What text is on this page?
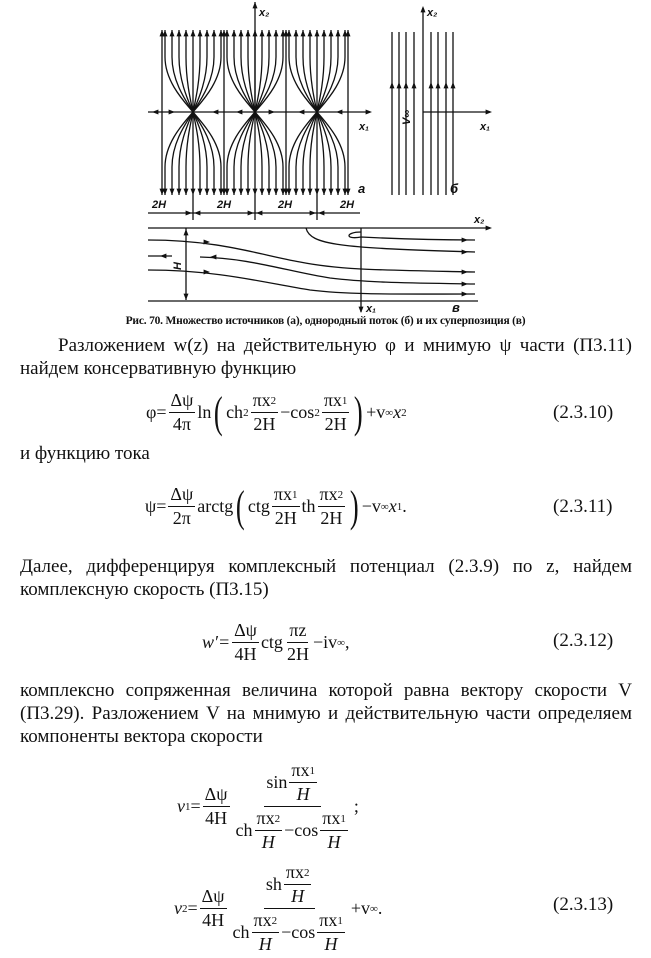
x₂
x₁
x₂
x₁
V∞
x₂
x₁
H
2H	2H	2H	2H
а	б
в
Рис. 70. Множество источников (а), однородный поток (б) и их суперпозиция (в)
Разложением w(z) на действительную φ и мнимую ψ части (П3.11) найдем консервативную функцию
$\varphi= \frac{\Delta\psi}{4\pi}$ ln ( ch $2 \frac{\pi x 2}{2H} -\cos$ $2 \frac{\pi x 1}{2H}$ ) +v ∞ x 2	(2.3.10)
и функцию тока
$\psi= \frac{\Delta\psi}{2\pi}$ arctg ( ctg $\frac{\pi x 1}{2H}$ th $\frac{\pi x 2}{2H}$ ) −v ∞ x 1 .	(2.3.11)
Далее, дифференцируя комплексный потенциал (2.3.9) по z, найдем комплексную скорость (П3.15)
$w'= \frac{\Delta\psi}{4H}$ ctg $\frac{\pi z}{2H} -iv$ ∞ ,	(2.3.12)
комплексно сопряженная величина которой равна вектору скорости V (П3.29). Разложением V на мнимую и действительную части определяем компоненты вектора скорости
v $1 = \frac{\Delta\psi}{4H} \frac{\sin \frac{\pi x 1}{H}}{ch \frac{\pi x 2}{H} -\cos \frac{\pi x 1}{H}}$ ;
v $2 = \frac{\Delta\psi}{4H} \frac{sh \frac{\pi x 2}{H}}{ch \frac{\pi x 2}{H} -\cos \frac{\pi x 1}{H}} +v$ ∞ .	(2.3.13)
